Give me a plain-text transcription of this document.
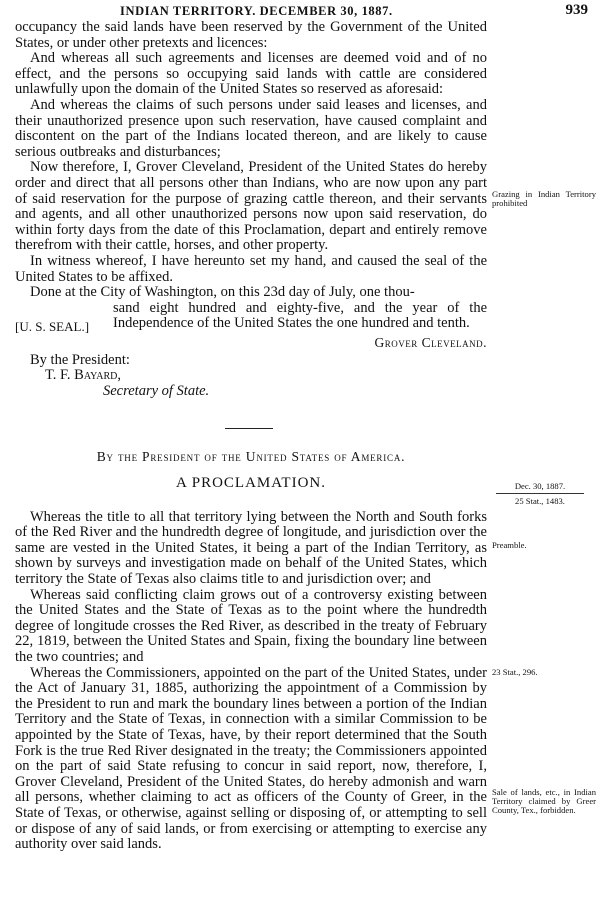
INDIAN TERRITORY. DECEMBER 30, 1887.	939

occupancy the said lands have been reserved by the Government of the United States, or under other pretexts and licences:

And whereas all such agreements and licenses are deemed void and of no effect, and the persons so occupying said lands with cattle are considered unlawfully upon the domain of the United States so reserved as aforesaid:

And whereas the claims of such persons under said leases and licenses, and their unauthorized presence upon such reservation, have caused complaint and discontent on the part of the Indians located thereon, and are likely to cause serious outbreaks and disturbances;

Now therefore, I, Grover Cleveland, President of the United States do hereby order and direct that all persons other than Indians, who are now upon any part of said reservation for the purpose of grazing cattle thereon, and their servants and agents, and all other unauthorized persons now upon said reservation, do within forty days from the date of this Proclamation, depart and entirely remove therefrom with their cattle, horses, and other property.

In witness whereof, I have hereunto set my hand, and caused the seal of the United States to be affixed.

Done at the City of Washington, on this 23d day of July, one thou-

[U. S. SEAL.]

sand eight hundred and eighty-five, and the year of the Independence of the United States the one hundred and tenth.

Grover Cleveland.
By the President:
T. F. Bayard,
Secretary of State.
By the President of the United States of America.
A PROCLAMATION.

Whereas the title to all that territory lying between the North and South forks of the Red River and the hundredth degree of longitude, and jurisdiction over the same are vested in the United States, it being a part of the Indian Territory, as shown by surveys and investigation made on behalf of the United States, which territory the State of Texas also claims title to and jurisdiction over; and

Whereas said conflicting claim grows out of a controversy existing between the United States and the State of Texas as to the point where the hundredth degree of longitude crosses the Red River, as described in the treaty of February 22, 1819, between the United States and Spain, fixing the boundary line between the two countries; and

Whereas the Commissioners, appointed on the part of the United States, under the Act of January 31, 1885, authorizing the appointment of a Commission by the President to run and mark the boundary lines between a portion of the Indian Territory and the State of Texas, in connection with a similar Commission to be appointed by the State of Texas, have, by their report determined that the South Fork is the true Red River designated in the treaty; the Commissioners appointed on the part of said State refusing to concur in said report, now, therefore, I, Grover Cleveland, President of the United States, do hereby admonish and warn all persons, whether claiming to act as officers of the County of Greer, in the State of Texas, or otherwise, against selling or disposing of, or attempting to sell or dispose of any of said lands, or from exercising or attempting to exercise any authority over said lands.

Grazing in Indian Territory prohibited
Dec. 30, 1887.
25 Stat., 1483.
Preamble.
23 Stat., 296.
Sale of lands, etc., in Indian Territory claimed by Greer County, Tex., forbidden.
